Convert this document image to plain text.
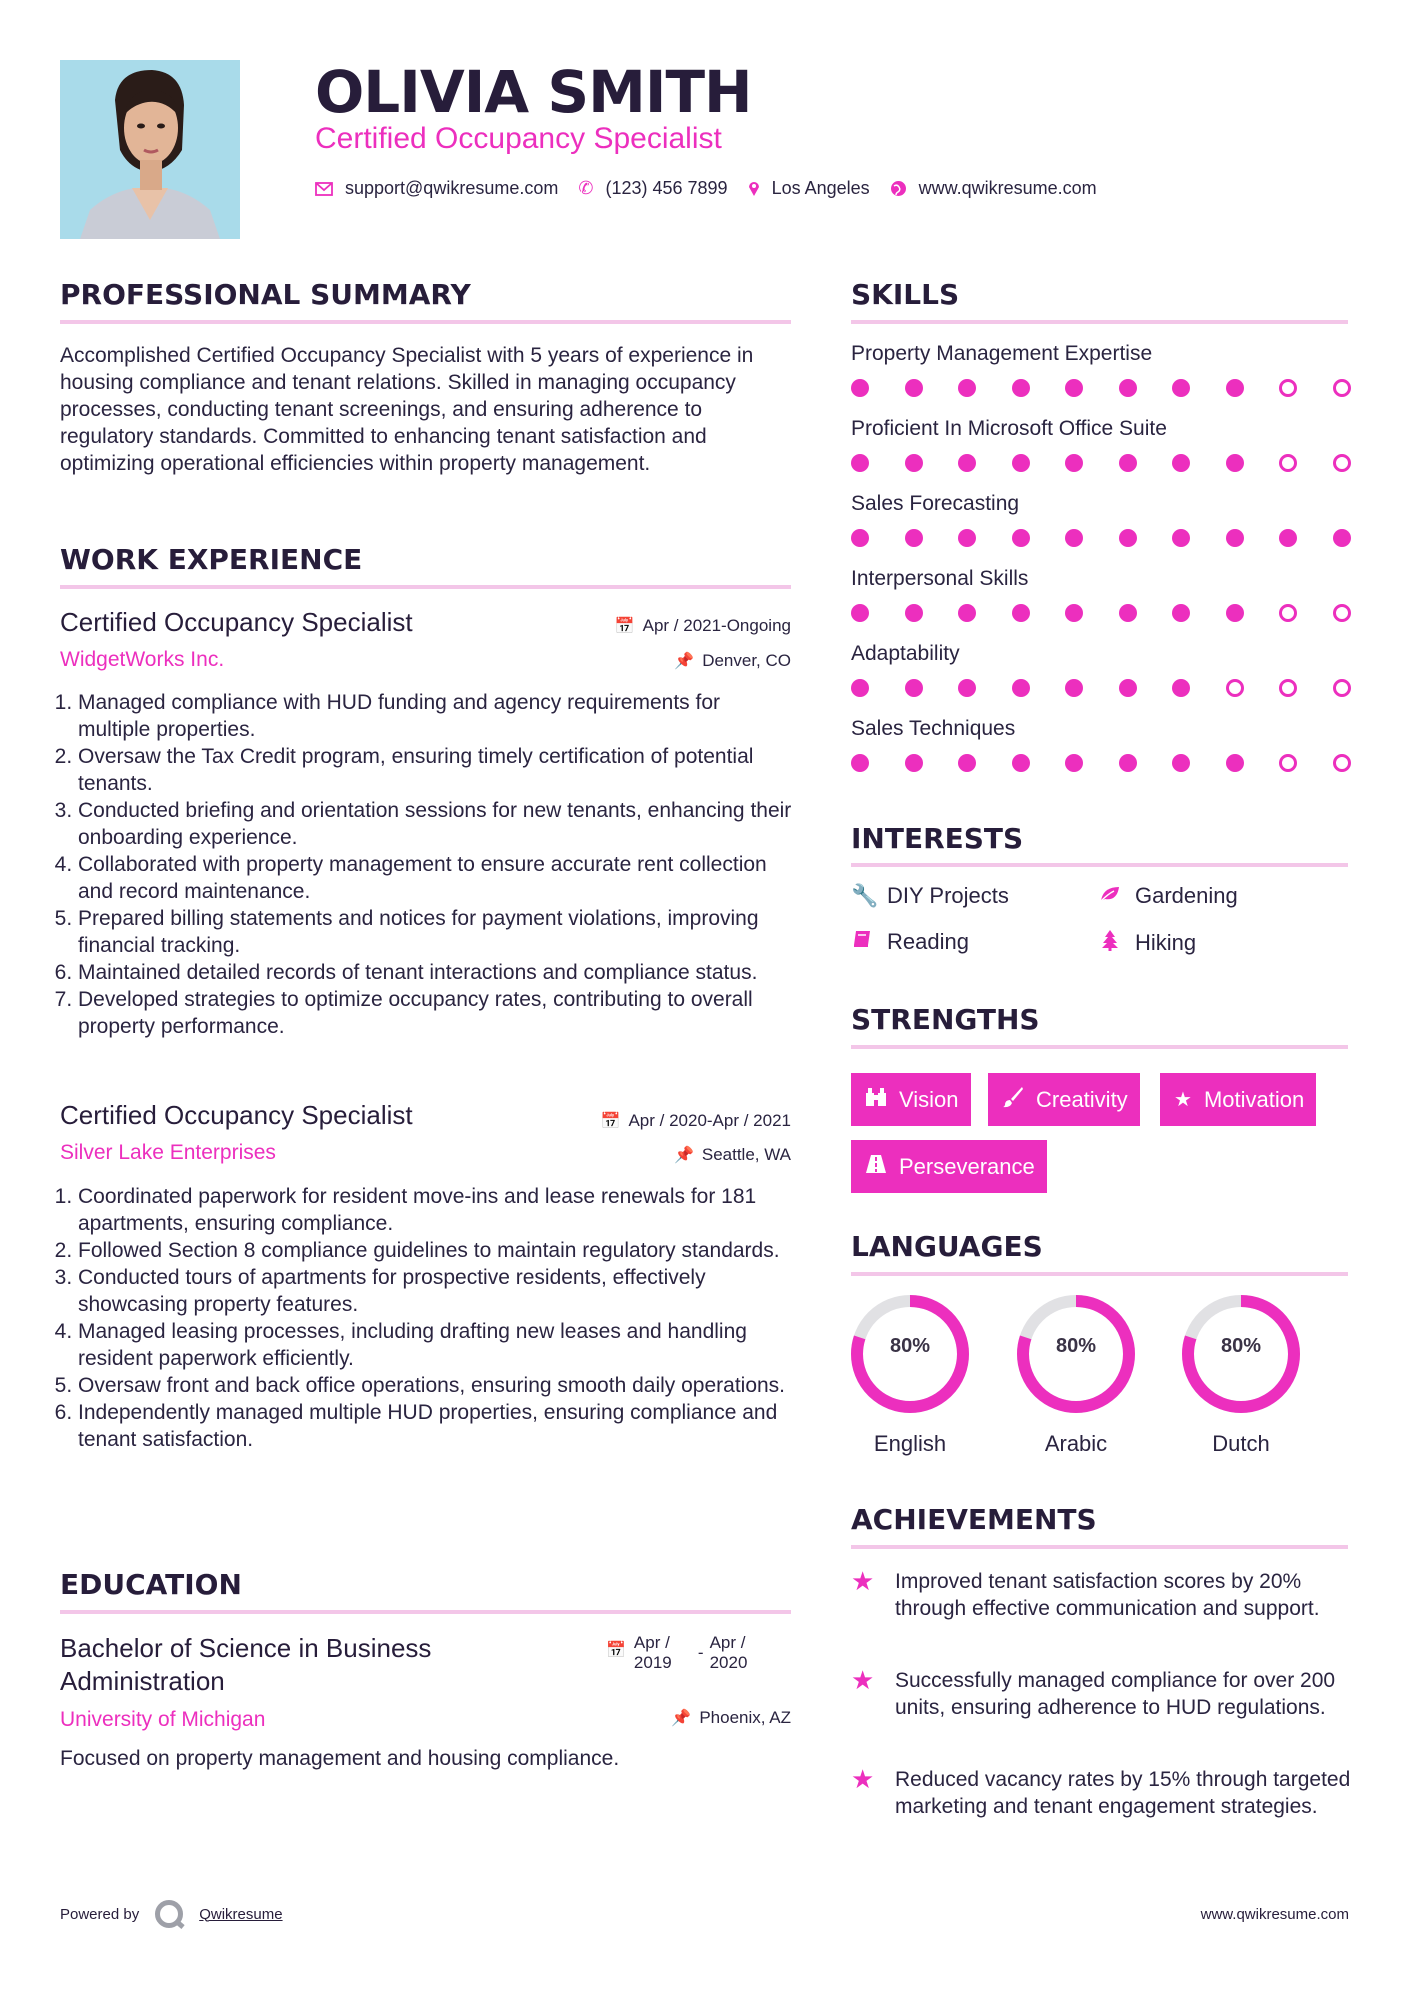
OLIVIA SMITH
Certified Occupancy Specialist
support@qwikresume.com ✆ (123) 456 7899 Los Angeles	www.qwikresume.com
PROFESSIONAL SUMMARY
Accomplished Certified Occupancy Specialist with 5 years of experience in housing compliance and tenant relations. Skilled in managing occupancy processes, conducting tenant screenings, and ensuring adherence to regulatory standards. Committed to enhancing tenant satisfaction and optimizing operational efficiencies within property management.
WORK EXPERIENCE
Certified Occupancy Specialist	📅 Apr / 2021-Ongoing
WidgetWorks Inc.	📌 Denver, CO
1. Managed compliance with HUD funding and agency requirements for multiple properties.
2. Oversaw the Tax Credit program, ensuring timely certification of potential tenants.
3. Conducted briefing and orientation sessions for new tenants, enhancing their onboarding experience.
4. Collaborated with property management to ensure accurate rent collection and record maintenance.
5. Prepared billing statements and notices for payment violations, improving financial tracking.
6. Maintained detailed records of tenant interactions and compliance status.
7. Developed strategies to optimize occupancy rates, contributing to overall property performance.
Certified Occupancy Specialist	📅 Apr / 2020-Apr / 2021
Silver Lake Enterprises	📌 Seattle, WA
1. Coordinated paperwork for resident move-ins and lease renewals for 181 apartments, ensuring compliance.
2. Followed Section 8 compliance guidelines to maintain regulatory standards.
3. Conducted tours of apartments for prospective residents, effectively showcasing property features.
4. Managed leasing processes, including drafting new leases and handling resident paperwork efficiently.
5. Oversaw front and back office operations, ensuring smooth daily operations.
6. Independently managed multiple HUD properties, ensuring compliance and tenant satisfaction.
EDUCATION
Bachelor of Science in Business Administration
📅 Apr / 2019
-
Apr / 2020
University of Michigan	📌 Phoenix, AZ
Focused on property management and housing compliance.
SKILLS
Property Management Expertise
Proficient In Microsoft Office Suite
Sales Forecasting
Interpersonal Skills
Adaptability
Sales Techniques
INTERESTS
🔧 DIY Projects	Gardening
Reading	Hiking
STRENGTHS
Vision	Creativity ★ Motivation
Perseverance
LANGUAGES
80%
English
80%
Arabic
80%
Dutch
ACHIEVEMENTS
★ Improved tenant satisfaction scores by 20% through effective communication and support.
★ Successfully managed compliance for over 200 units, ensuring adherence to HUD regulations.
★ Reduced vacancy rates by 15% through targeted marketing and tenant engagement strategies.
Powered by	Qwikresume	www.qwikresume.com
